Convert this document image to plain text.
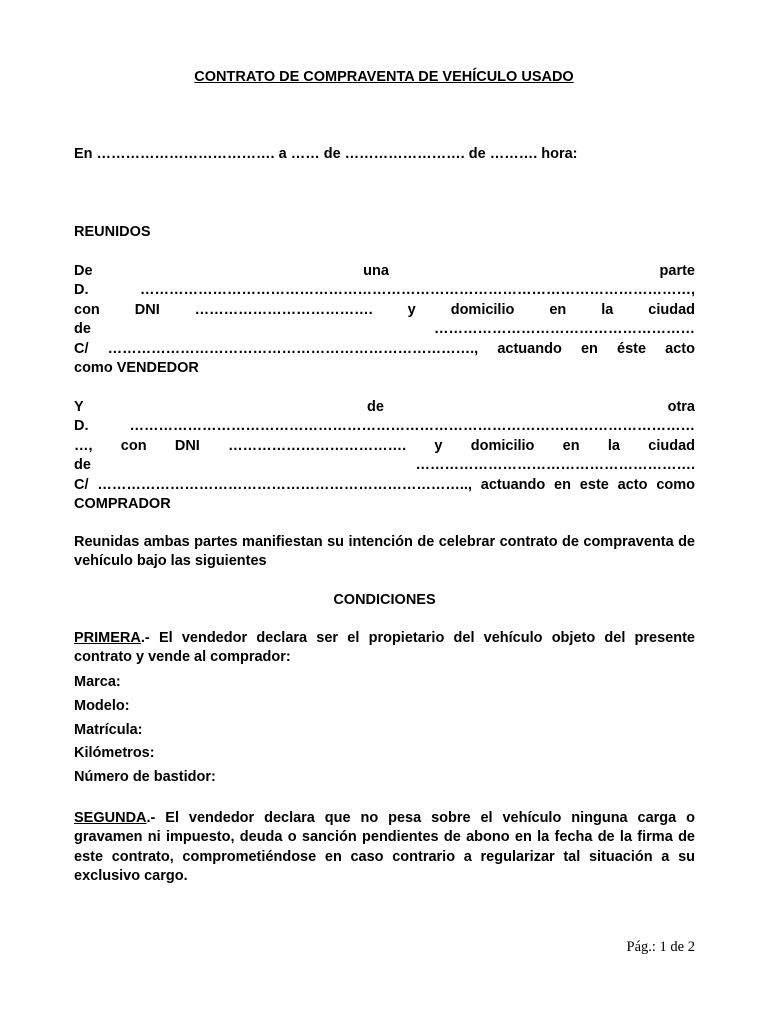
CONTRATO DE COMPRAVENTA DE VEHÍCULO USADO

En ………………………………. a …… de ……………………. de ………. hora:

REUNIDOS

De una parte
D. ……………………………………………………………………………………………………,
con DNI ………………………………. y domicilio en la ciudad
de ………………………………………………
C/ …………………………………………………………………., actuando en éste acto
como VENDEDOR
Y de otra
D. ………………………………………………………………………………………………………
…, con DNI ………………………………. y domicilio en la ciudad
de ………………………………………………….
C/ ………………………………………………………………….., actuando en este acto como
COMPRADOR

Reunidas ambas partes manifiestan su intención de celebrar contrato de compraventa de vehículo bajo las siguientes

CONDICIONES

PRIMERA.- El vendedor declara ser el propietario del vehículo objeto del presente contrato y vende al comprador:

Marca:
Modelo:
Matrícula:
Kilómetros:
Número de bastidor:

SEGUNDA.- El vendedor declara que no pesa sobre el vehículo ninguna carga o gravamen ni impuesto, deuda o sanción pendientes de abono en la fecha de la firma de este contrato, comprometiéndose en caso contrario a regularizar tal situación a su exclusivo cargo.

Pág.: 1 de 2
